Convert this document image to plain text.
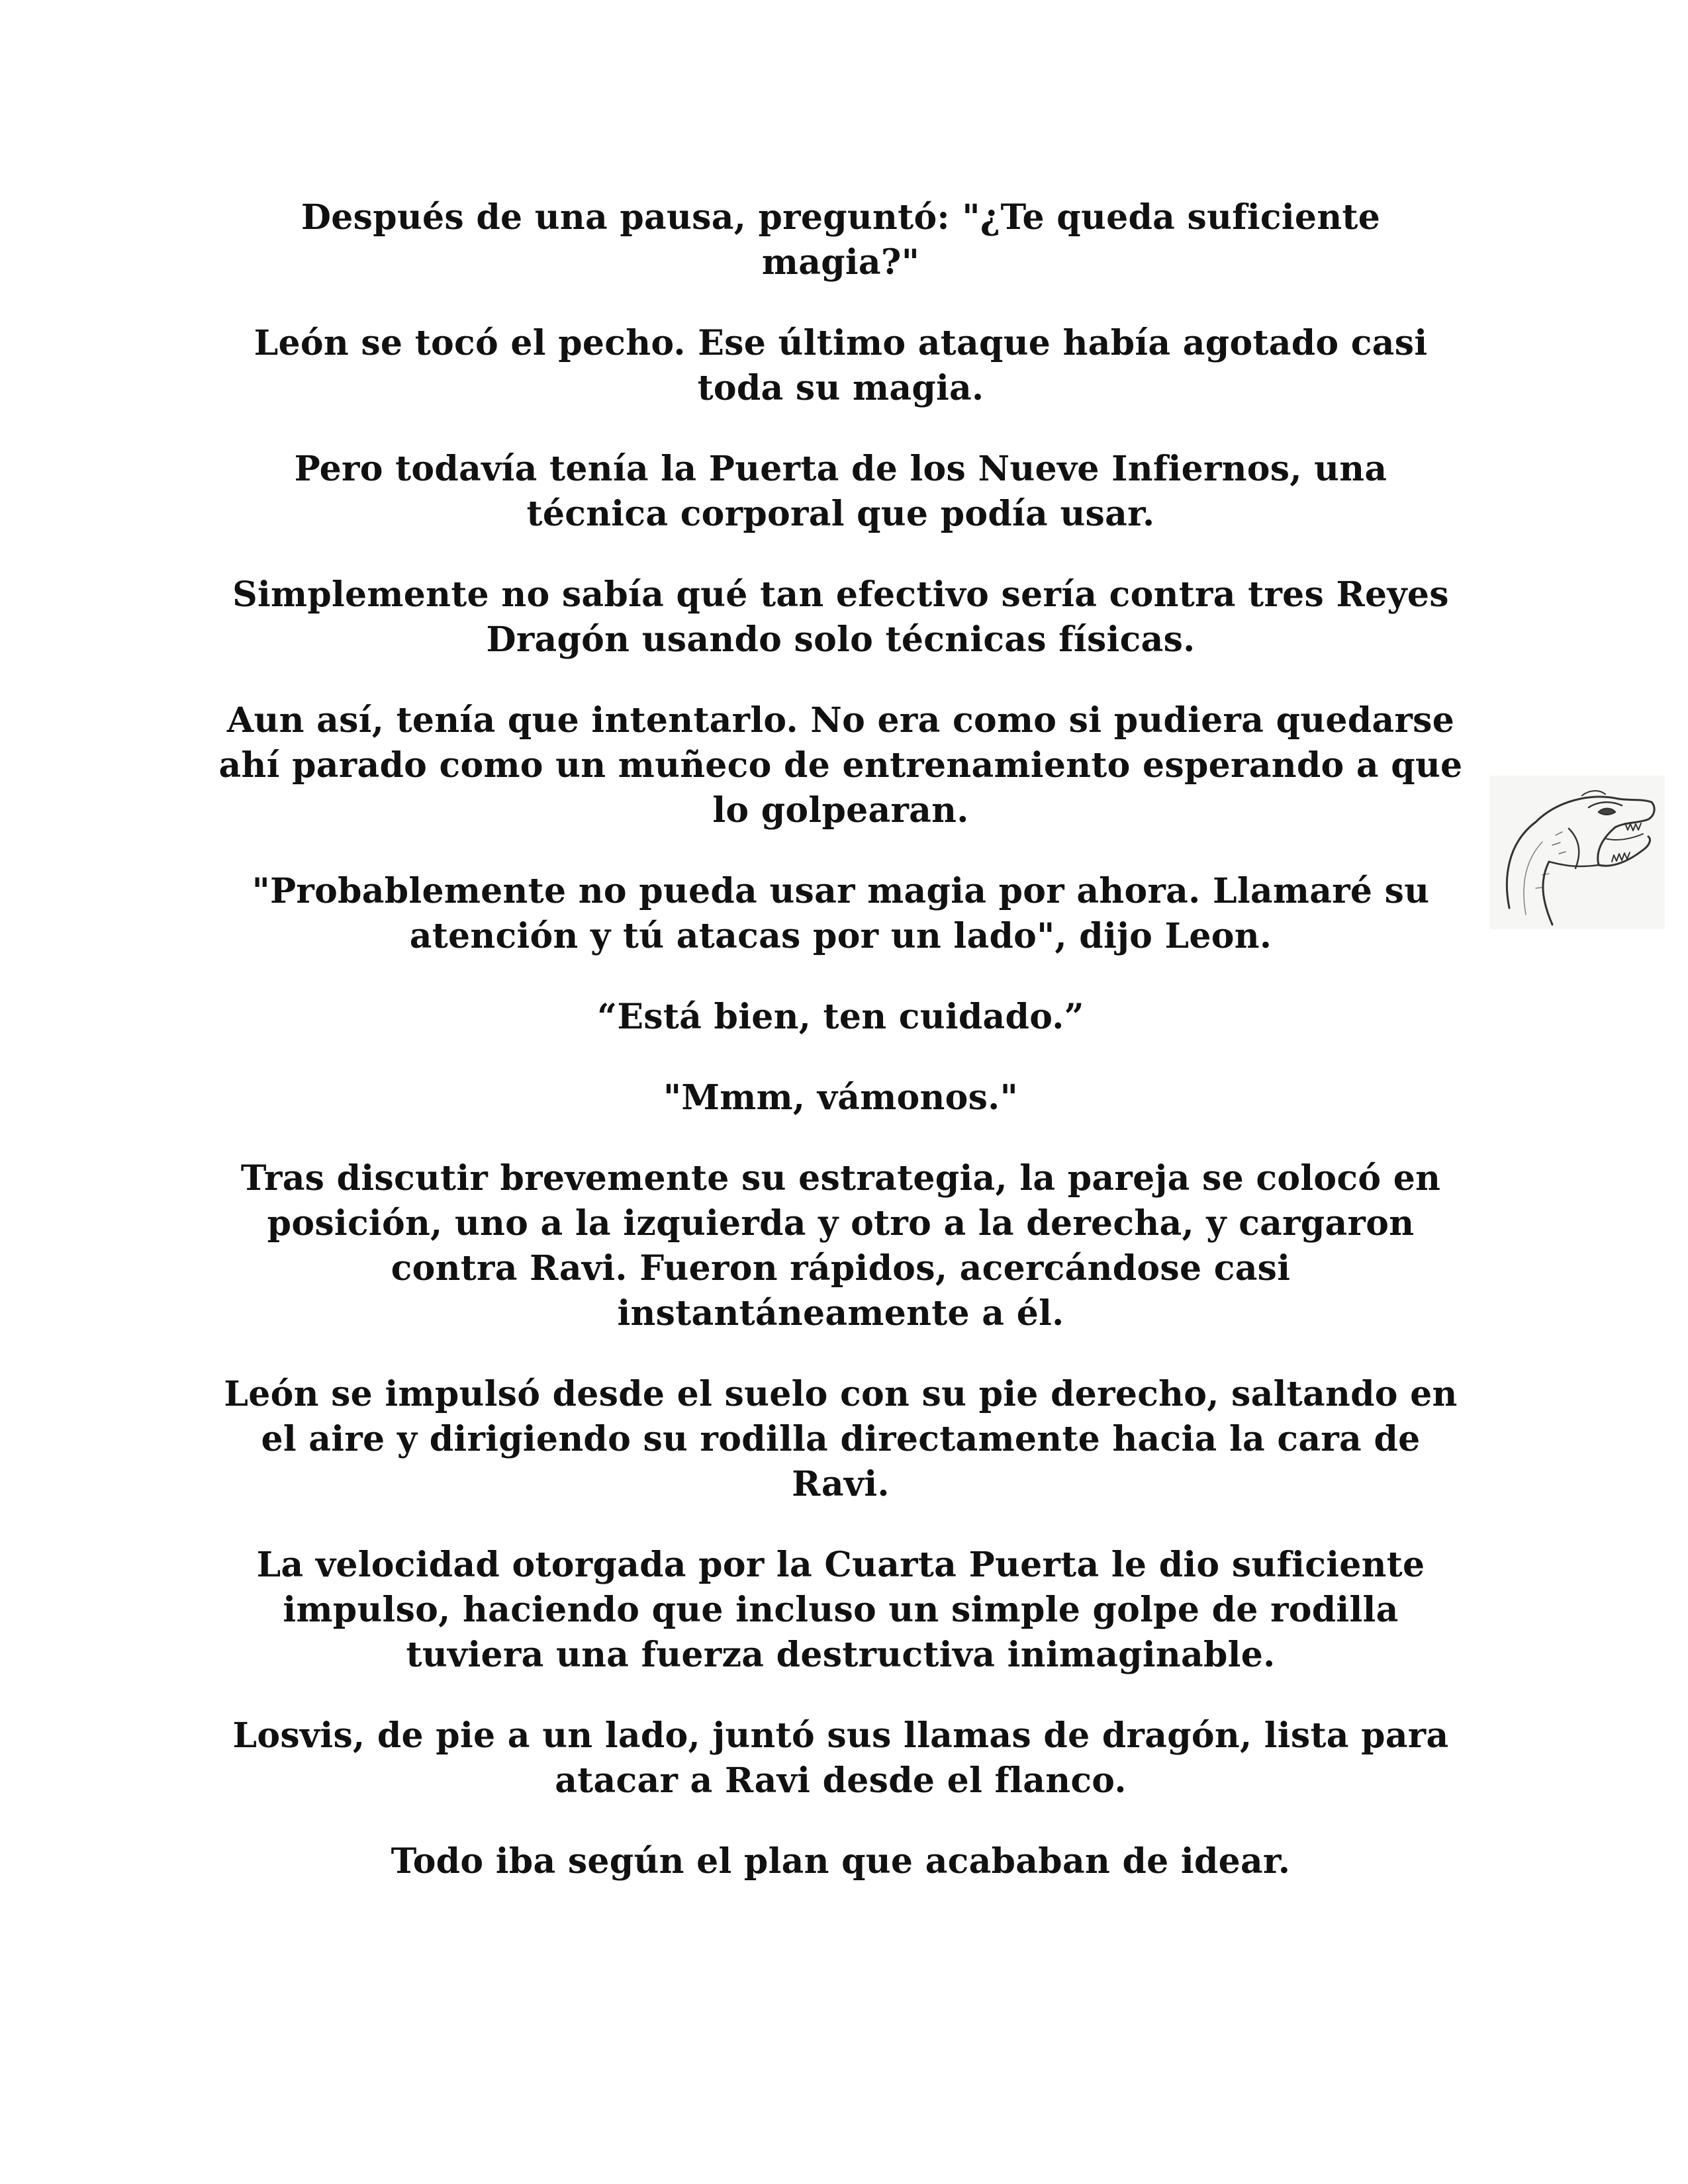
Después de una pausa, preguntó: "¿Te queda suficiente magia?"

León se tocó el pecho. Ese último ataque había agotado casi toda su magia.

Pero todavía tenía la Puerta de los Nueve Infiernos, una técnica corporal que podía usar.

Simplemente no sabía qué tan efectivo sería contra tres Reyes Dragón usando solo técnicas físicas.

Aun así, tenía que intentarlo. No era como si pudiera quedarse ahí parado como un muñeco de entrenamiento esperando a que lo golpearan.

"Probablemente no pueda usar magia por ahora. Llamaré su atención y tú atacas por un lado", dijo Leon.

“Está bien, ten cuidado.”

"Mmm, vámonos."

Tras discutir brevemente su estrategia, la pareja se colocó en posición, uno a la izquierda y otro a la derecha, y cargaron contra Ravi. Fueron rápidos, acercándose casi instantáneamente a él.

León se impulsó desde el suelo con su pie derecho, saltando en el aire y dirigiendo su rodilla directamente hacia la cara de Ravi.

La velocidad otorgada por la Cuarta Puerta le dio suficiente impulso, haciendo que incluso un simple golpe de rodilla tuviera una fuerza destructiva inimaginable.

Losvis, de pie a un lado, juntó sus llamas de dragón, lista para atacar a Ravi desde el flanco.

Todo iba según el plan que acababan de idear.
